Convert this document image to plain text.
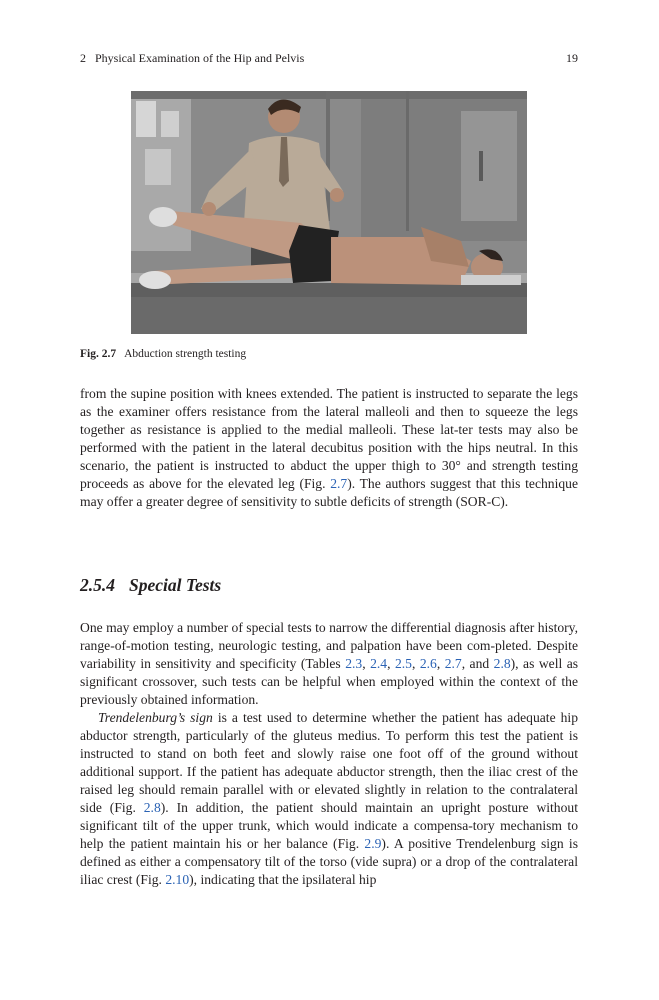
2   Physical Examination of the Hip and Pelvis	19
Fig. 2.7 Abduction strength testing

from the supine position with knees extended. The patient is instructed to separate the legs as the examiner offers resistance from the lateral malleoli and then to squeeze the legs together as resistance is applied to the medial malleoli. These lat-ter tests may also be performed with the patient in the lateral decubitus position with the hips neutral. In this scenario, the patient is instructed to abduct the upper thigh to 30° and strength testing proceeds as above for the elevated leg (Fig. 2.7). The authors suggest that this technique may offer a greater degree of sensitivity to subtle deficits of strength (SOR-C).

2.5.4 Special Tests

One may employ a number of special tests to narrow the differential diagnosis after history, range-of-motion testing, neurologic testing, and palpation have been com-pleted. Despite variability in sensitivity and specificity (Tables 2.3, 2.4, 2.5, 2.6, 2.7, and 2.8), as well as significant crossover, such tests can be helpful when employed within the context of the previously obtained information.

Trendelenburg’s sign is a test used to determine whether the patient has adequate hip abductor strength, particularly of the gluteus medius. To perform this test the patient is instructed to stand on both feet and slowly raise one foot off of the ground without additional support. If the patient has adequate abductor strength, then the iliac crest of the raised leg should remain parallel with or elevated slightly in relation to the contralateral side (Fig. 2.8). In addition, the patient should maintain an upright posture without significant tilt of the upper trunk, which would indicate a compensa-tory mechanism to help the patient maintain his or her balance (Fig. 2.9). A positive Trendelenburg sign is defined as either a compensatory tilt of the torso (vide supra) or a drop of the contralateral iliac crest (Fig. 2.10), indicating that the ipsilateral hip
